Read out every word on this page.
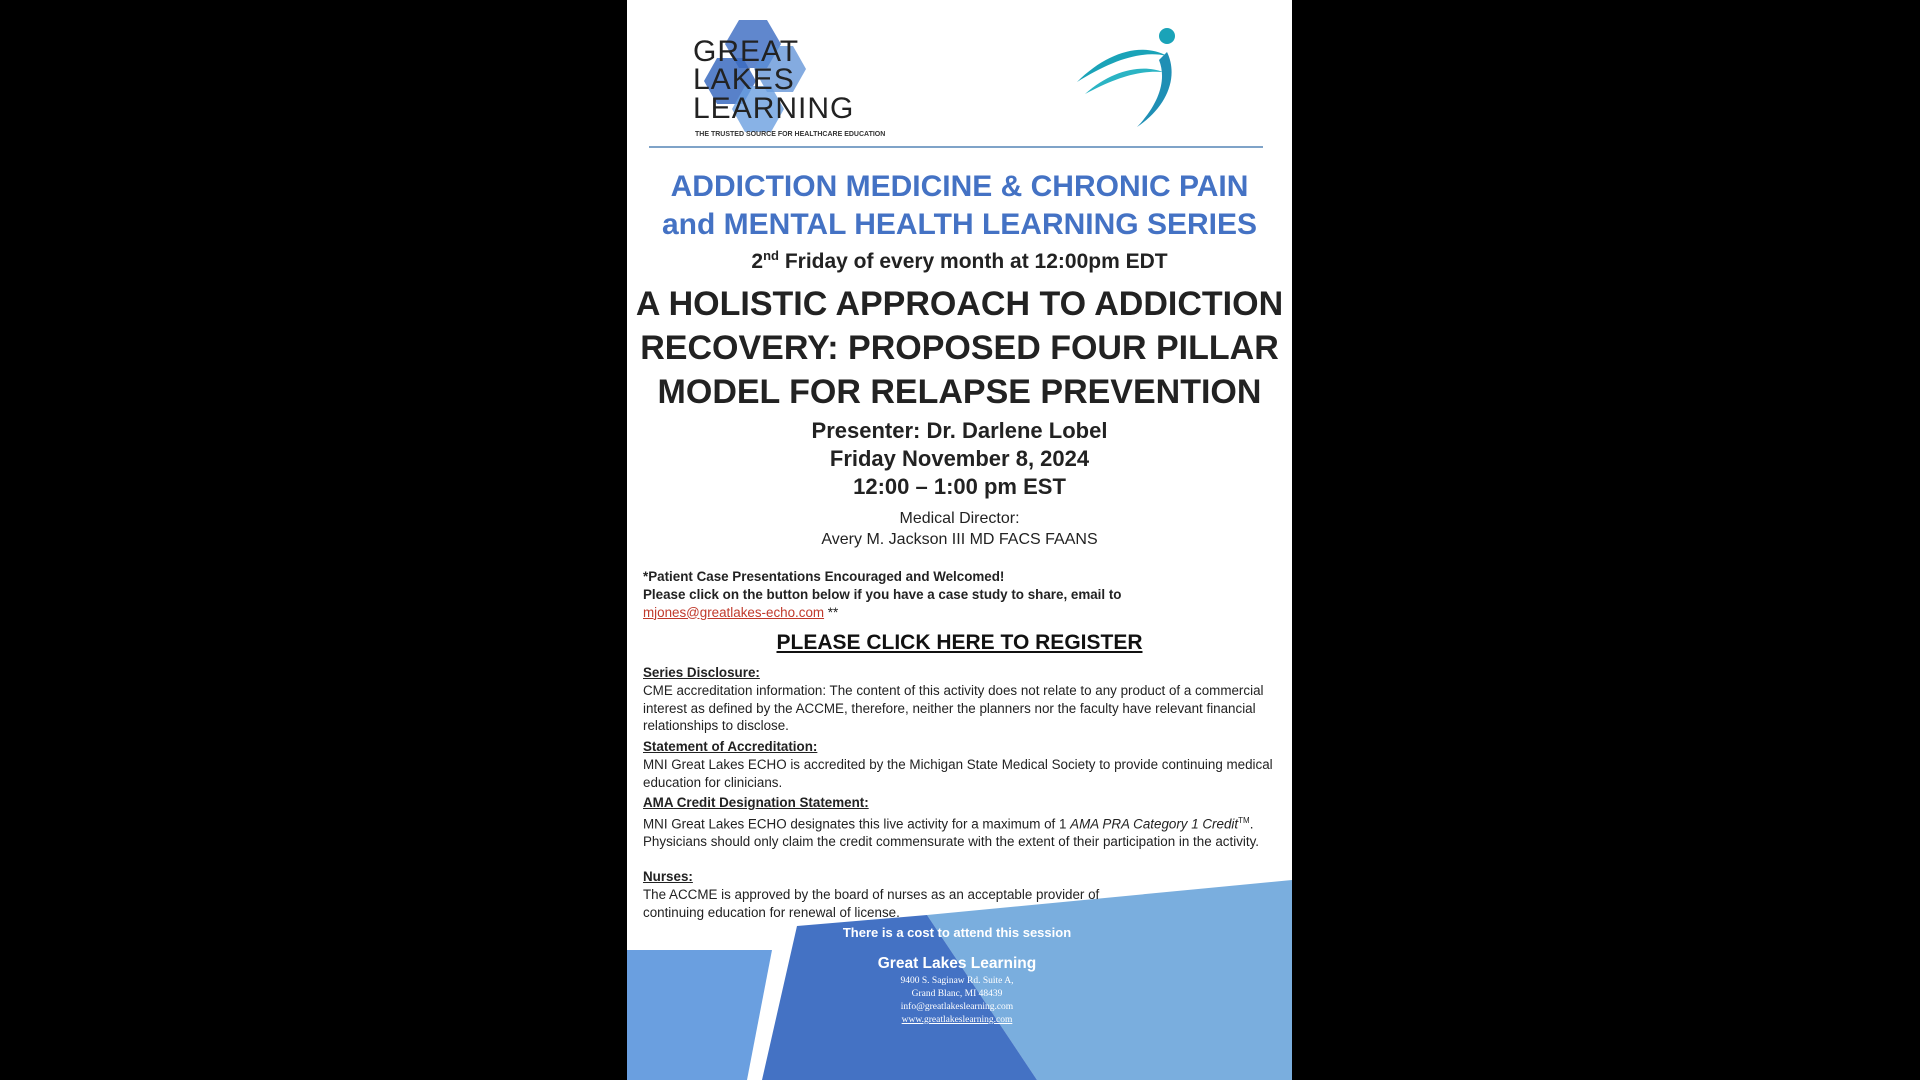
GREAT
LAKES
LEARNING
THE TRUSTED SOURCE FOR HEALTHCARE EDUCATION
ADDICTION MEDICINE & CHRONIC PAIN
and MENTAL HEALTH LEARNING SERIES
2nd Friday of every month at 12:00pm EDT
A HOLISTIC APPROACH TO ADDICTION
RECOVERY: PROPOSED FOUR PILLAR
MODEL FOR RELAPSE PREVENTION
Presenter: Dr. Darlene Lobel
Friday November 8, 2024
12:00 – 1:00 pm EST
Medical Director:
Avery M. Jackson III MD FACS FAANS
*Patient Case Presentations Encouraged and Welcomed!
Please click on the button below if you have a case study to share, email to
mjones@greatlakes-echo.com **
PLEASE CLICK HERE TO REGISTER
Series Disclosure:
CME accreditation information: The content of this activity does not relate to any product of a commercial interest as defined by the ACCME, therefore, neither the planners nor the faculty have relevant financial relationships to disclose.
Statement of Accreditation:
MNI Great Lakes ECHO is accredited by the Michigan State Medical Society to provide continuing medical education for clinicians.
AMA Credit Designation Statement:
MNI Great Lakes ECHO designates this live activity for a maximum of 1 AMA PRA Category 1 Credit™. Physicians should only claim the credit commensurate with the extent of their participation in the activity.
Nurses:
The ACCME is approved by the board of nurses as an acceptable provider of
continuing education for renewal of license.
There is a cost to attend this session
Great Lakes Learning
9400 S. Saginaw Rd. Suite A,
Grand Blanc, MI 48439
info@greatlakeslearning.com
www.greatlakeslearning.com
